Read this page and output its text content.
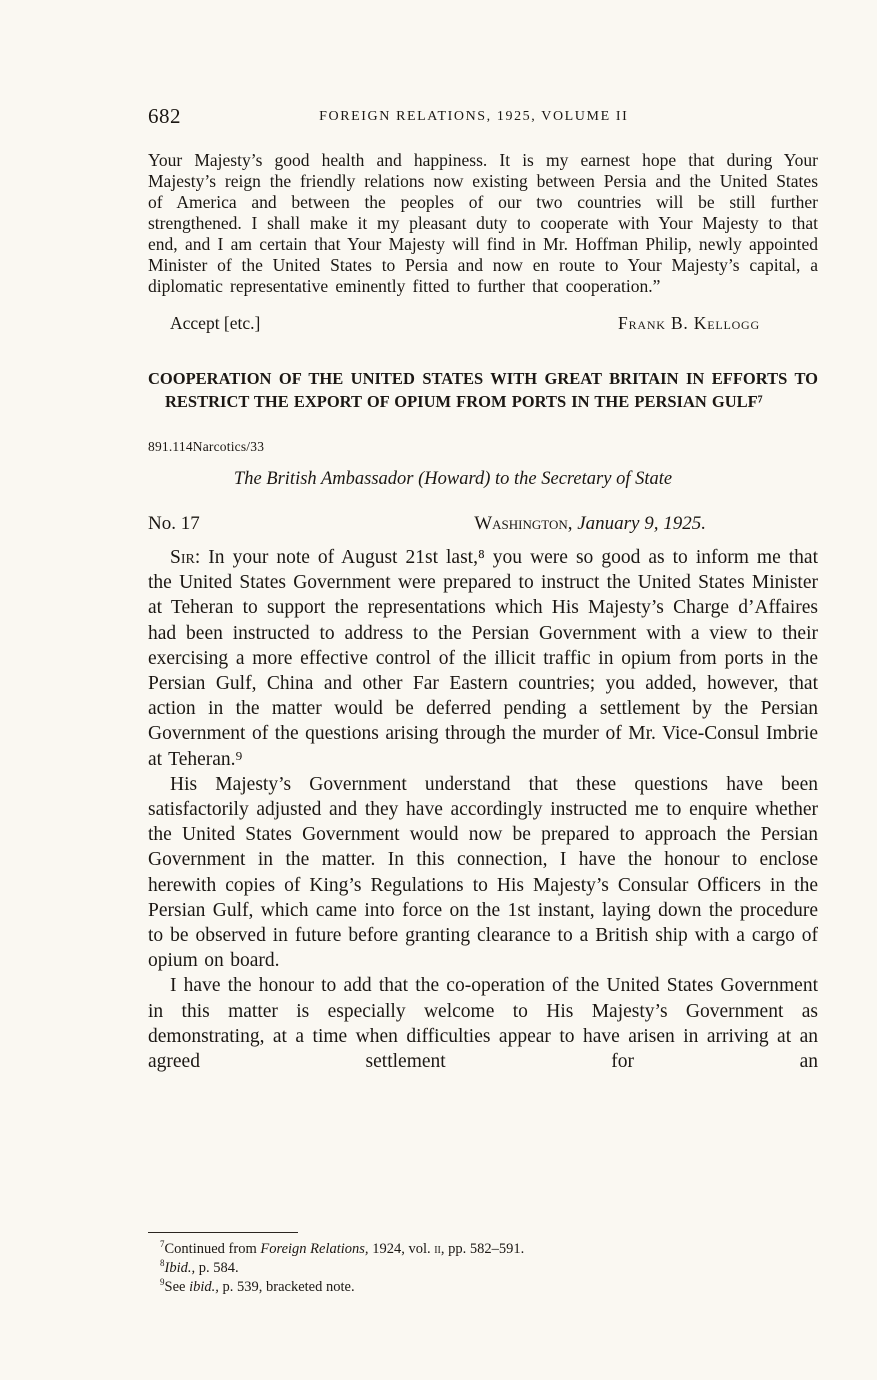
682	FOREIGN RELATIONS, 1925, VOLUME II

Your Majesty’s good health and happiness. It is my earnest hope that during Your Majesty’s reign the friendly relations now existing between Persia and the United States of America and between the peoples of our two countries will be still further strengthened. I shall make it my pleasant duty to cooperate with Your Majesty to that end, and I am certain that Your Majesty will find in Mr. Hoffman Philip, newly appointed Minister of the United States to Persia and now en route to Your Majesty’s capital, a diplomatic representative eminently fitted to further that cooperation.”

Accept [etc.]	Frank B. Kellogg
COOPERATION OF THE UNITED STATES WITH GREAT BRITAIN IN EFFORTS TO RESTRICT THE EXPORT OF OPIUM FROM PORTS IN THE PERSIAN GULF⁷
891.114Narcotics/33

The British Ambassador (Howard) to the Secretary of State

No. 17	Washington, January 9, 1925.

Sir: In your note of August 21st last,⁸ you were so good as to inform me that the United States Government were prepared to instruct the United States Minister at Teheran to support the representations which His Majesty’s Charge d’Affaires had been instructed to address to the Persian Government with a view to their exercising a more effective control of the illicit traffic in opium from ports in the Persian Gulf, China and other Far Eastern countries; you added, however, that action in the matter would be deferred pending a settlement by the Persian Government of the questions arising through the murder of Mr. Vice-Consul Imbrie at Teheran.⁹

His Majesty’s Government understand that these questions have been satisfactorily adjusted and they have accordingly instructed me to enquire whether the United States Government would now be prepared to approach the Persian Government in the matter. In this connection, I have the honour to enclose herewith copies of King’s Regulations to His Majesty’s Consular Officers in the Persian Gulf, which came into force on the 1st instant, laying down the procedure to be observed in future before granting clearance to a British ship with a cargo of opium on board.

I have the honour to add that the co-operation of the United States Government in this matter is especially welcome to His Majesty’s Government as demonstrating, at a time when difficulties appear to have arisen in arriving at an agreed settlement for an

$^7$Continued from Foreign Relations, 1924, vol. ii, pp. 582–591.

$^8$Ibid., p. 584.

$^9$See ibid., p. 539, bracketed note.
